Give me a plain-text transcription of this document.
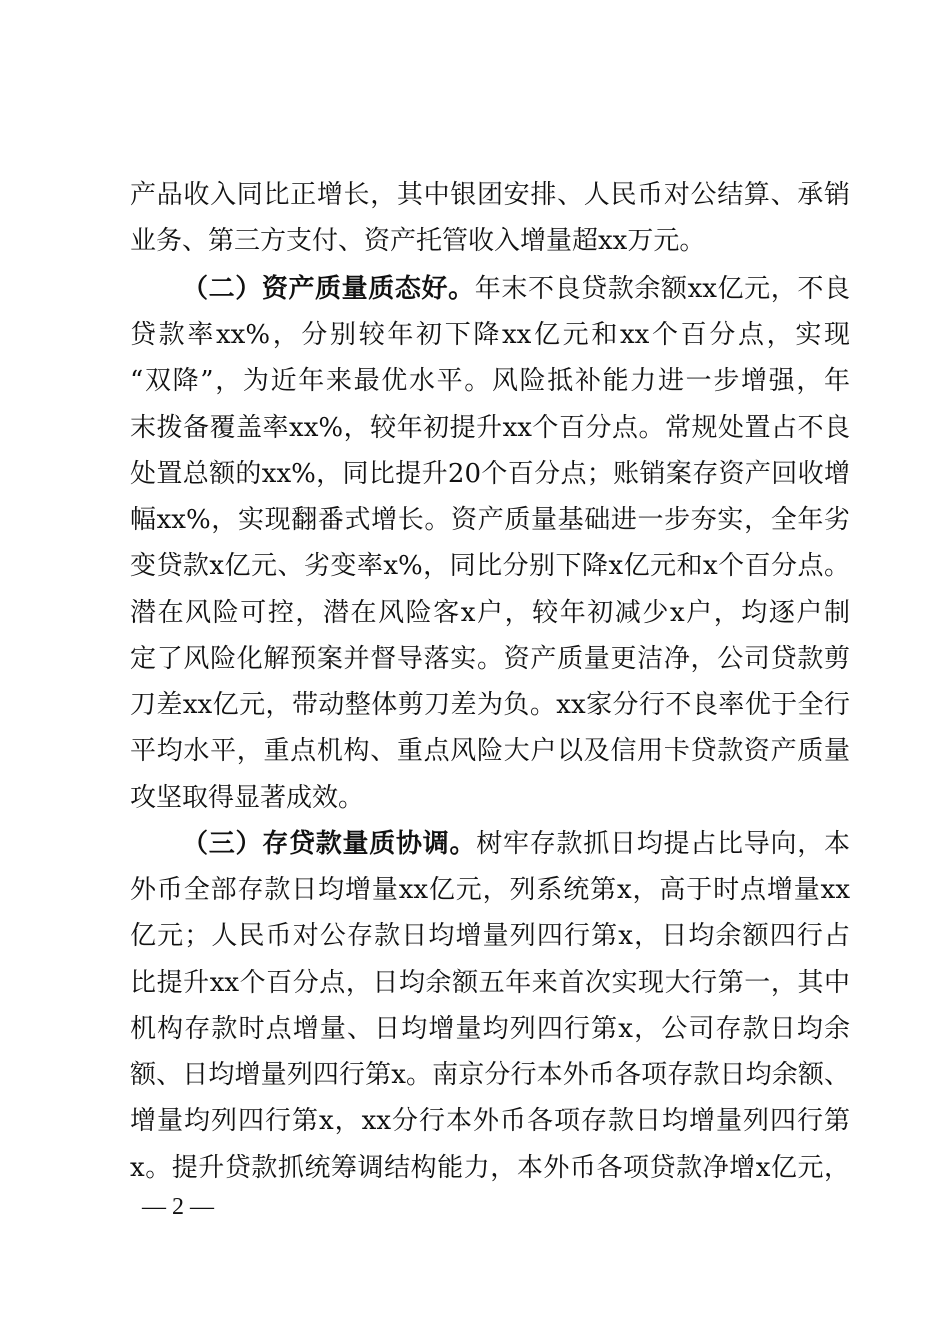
产品收入同比正增长，其中银团安排、人民币对公结算、承销
业务、第三方支付、资产托管收入增量超xx万元。
（二）资产质量质态好。年末不良贷款余额xx亿元，不良
贷款率xx%，分别较年初下降xx亿元和xx个百分点，实现
“双降”，为近年来最优水平。风险抵补能力进一步增强，年
末拨备覆盖率xx%，较年初提升xx个百分点。常规处置占不良
处置总额的xx%，同比提升20个百分点；账销案存资产回收增
幅xx%，实现翻番式增长。资产质量基础进一步夯实，全年劣
变贷款x亿元、劣变率x%，同比分别下降x亿元和x个百分点。
潜在风险可控，潜在风险客x户，较年初减少x户，均逐户制
定了风险化解预案并督导落实。资产质量更洁净，公司贷款剪
刀差xx亿元，带动整体剪刀差为负。xx家分行不良率优于全行
平均水平，重点机构、重点风险大户以及信用卡贷款资产质量
攻坚取得显著成效。
（三）存贷款量质协调。树牢存款抓日均提占比导向，本
外币全部存款日均增量xx亿元，列系统第x，高于时点增量xx
亿元；人民币对公存款日均增量列四行第x，日均余额四行占
比提升xx个百分点，日均余额五年来首次实现大行第一，其中
机构存款时点增量、日均增量均列四行第x，公司存款日均余
额、日均增量列四行第x。南京分行本外币各项存款日均余额、
增量均列四行第x，xx分行本外币各项存款日均增量列四行第
x。提升贷款抓统筹调结构能力，本外币各项贷款净增x亿元，
— 2 —
